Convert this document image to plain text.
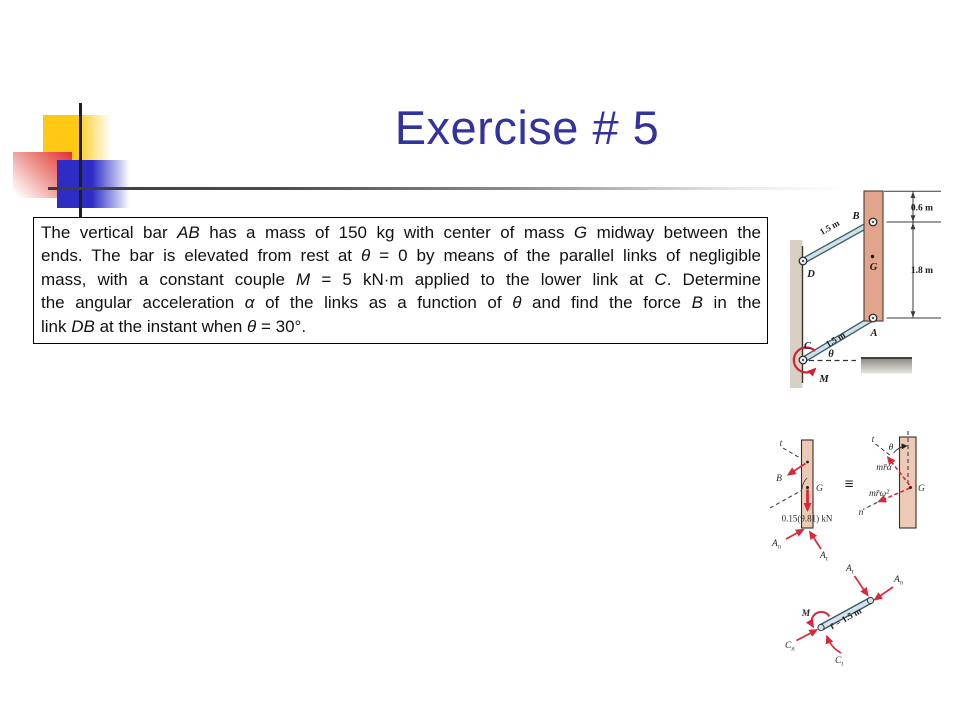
Exercise # 5
The vertical bar AB has a mass of 150 kg with center of mass G midway between the
ends. The bar is elevated from rest at θ = 0 by means of the parallel links of negligible
mass, with a constant couple M = 5 kN·m applied to the lower link at C. Determine
the angular acceleration α of the links as a function of θ and find the force B in the
link DB at the instant when θ = 30°.
B
D
C
A
G
θ
M
1.5 m
1.5 m
0.6 m
1.8 m
t
B
G
0.15(9.81) kN
An
At
≡
t
θ
mr̄α
mr̄ω²
n
G
r̄ = 1.5 m
M
Cn
Ct
At
An
